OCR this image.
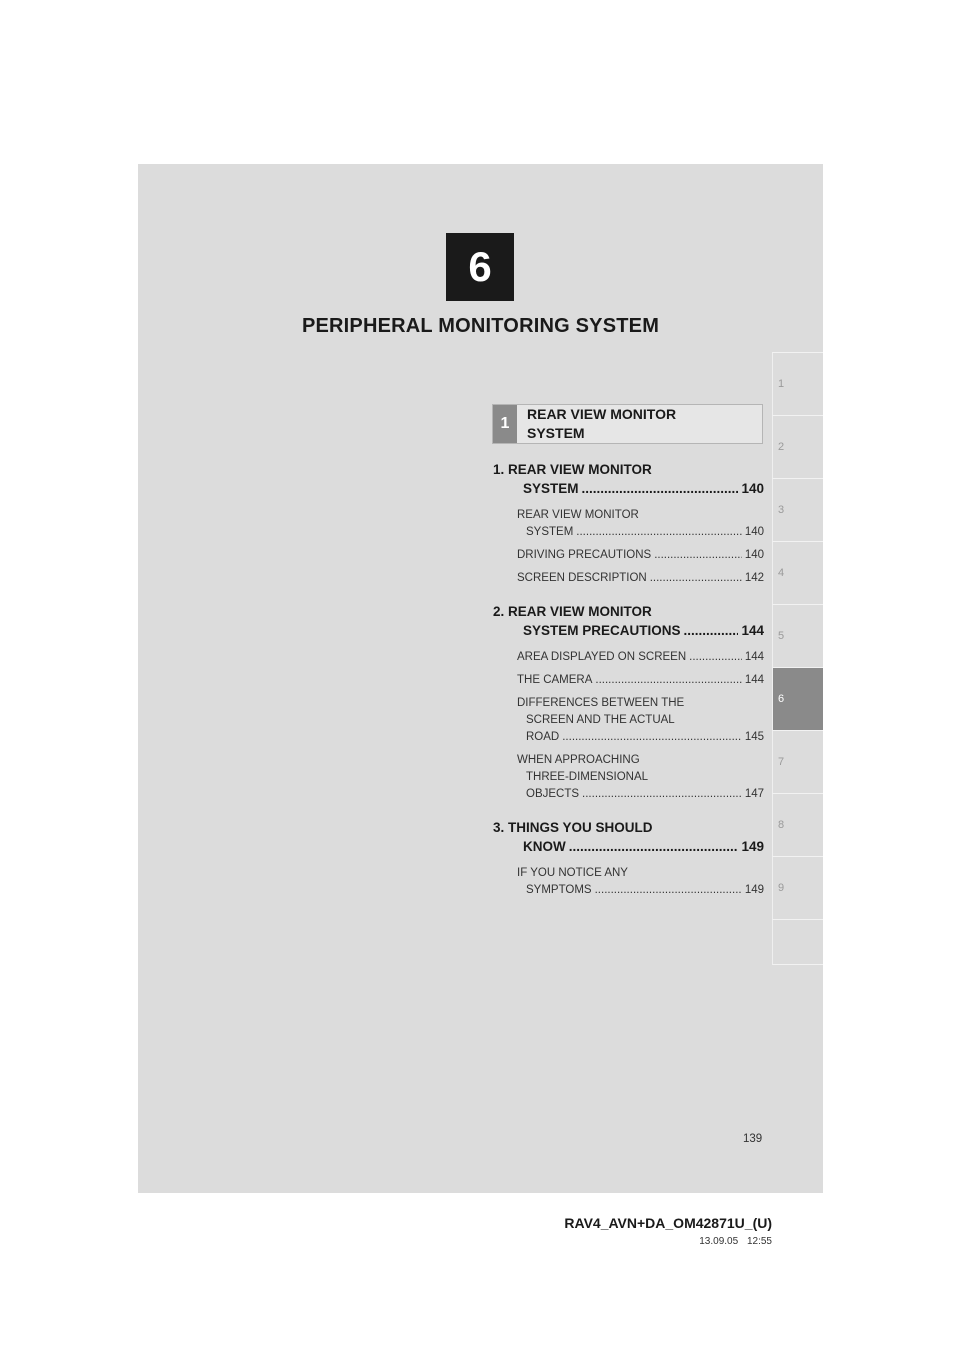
6
PERIPHERAL MONITORING SYSTEM
1
2
3
4
5
6
7
8
9
1
REAR VIEW MONITOR
SYSTEM
1. REAR VIEW MONITOR
SYSTEM .....	140
REAR VIEW MONITOR
SYSTEM .....	140
DRIVING PRECAUTIONS .....	140
SCREEN DESCRIPTION .....	142
2. REAR VIEW MONITOR
SYSTEM PRECAUTIONS .....	144
AREA DISPLAYED ON SCREEN .....	144
THE CAMERA .....	144
DIFFERENCES BETWEEN THE
SCREEN AND THE ACTUAL
ROAD .....	145
WHEN APPROACHING
THREE-DIMENSIONAL
OBJECTS .....	147
3. THINGS YOU SHOULD
KNOW .....	149
IF YOU NOTICE ANY
SYMPTOMS .....	149
139
RAV4_AVN+DA_OM42871U_(U)
13.09.05 12:55
